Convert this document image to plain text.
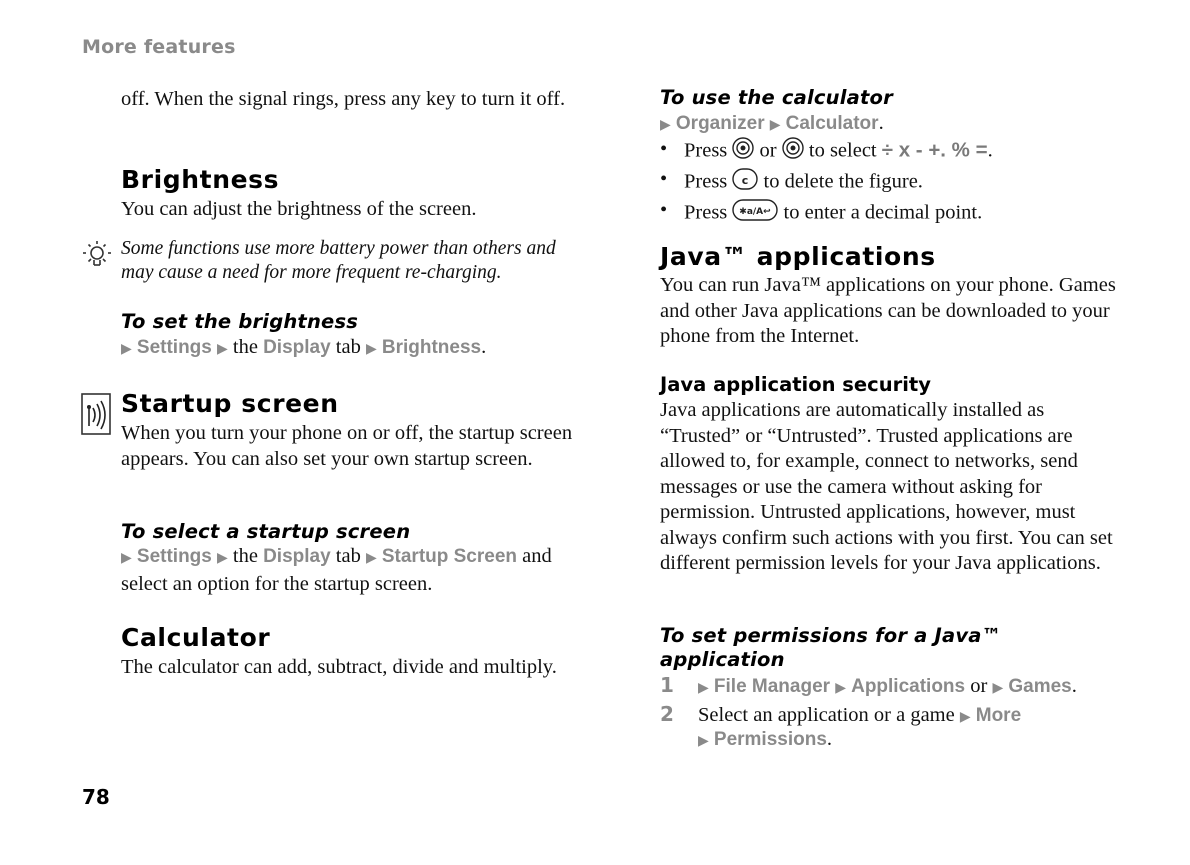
More features
off. When the signal rings, press any key to turn it off.
Brightness
You can adjust the brightness of the screen.
Some functions use more battery power than others and may cause a need for more frequent re-charging.
To set the brightness
▶ Settings ▶ the Display tab ▶ Brightness.
Startup screen
When you turn your phone on or off, the startup screen appears. You can also set your own startup screen.
To select a startup screen
▶ Settings ▶ the Display tab ▶ Startup Screen and select an option for the startup screen.
Calculator
The calculator can add, subtract, divide and multiply.
78
To use the calculator
▶ Organizer ▶ Calculator.
• Press or to select ÷ x - +. % =.
• Press c to delete the figure.
• Press ✱a/A↩ to enter a decimal point.
Java™ applications
You can run Java™ applications on your phone. Games and other Java applications can be downloaded to your phone from the Internet.
Java application security
Java applications are automatically installed as “Trusted” or “Untrusted”. Trusted applications are allowed to, for example, connect to networks, send messages or use the camera without asking for permission. Untrusted applications, however, must always confirm such actions with you first. You can set different permission levels for your Java applications.
To set permissions for a Java™ application
1 ▶ File Manager ▶ Applications or ▶ Games.
2 Select an application or a game ▶ More
▶ Permissions.
